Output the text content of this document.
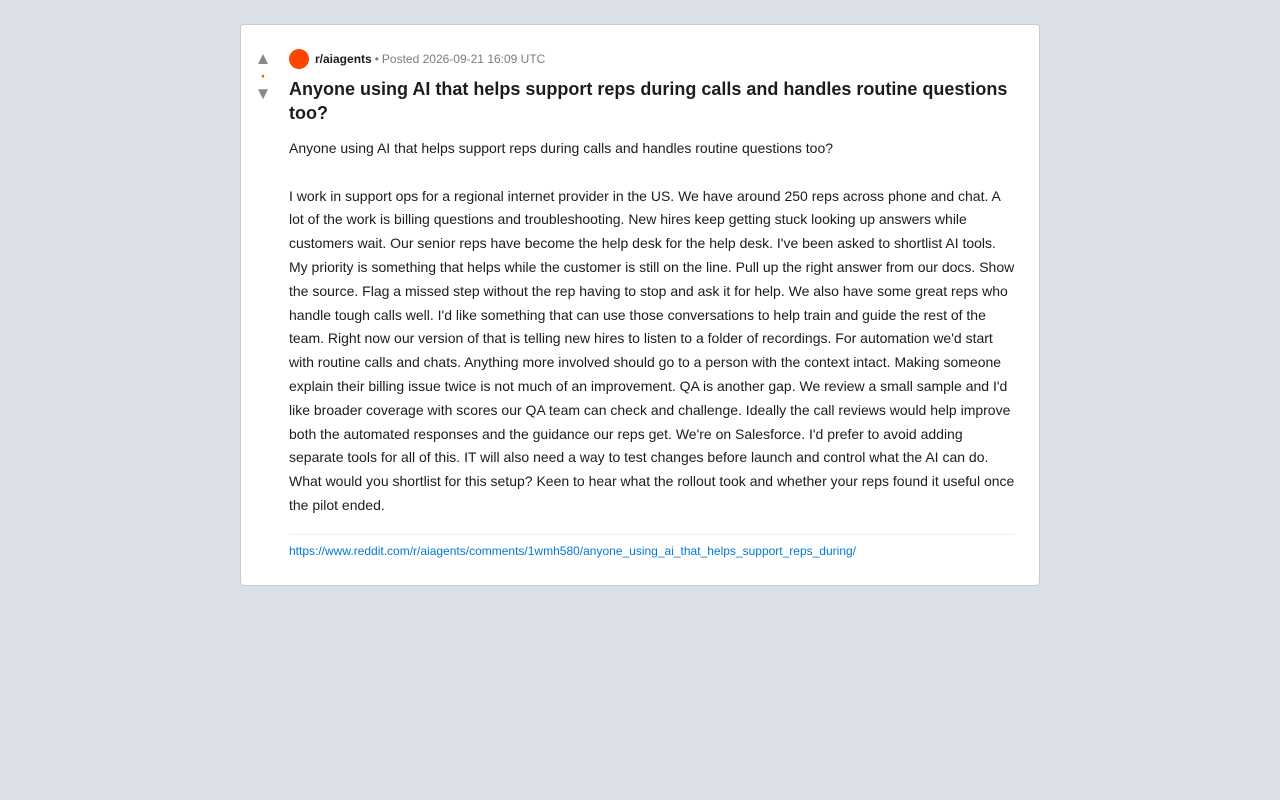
▲
•
▼
r/aiagents • Posted 2026-09-21 16:09 UTC
Anyone using AI that helps support reps during calls and handles routine questions too?

Anyone using AI that helps support reps during calls and handles routine questions too?

I work in support ops for a regional internet provider in the US. We have around 250 reps across phone and chat. A lot of the work is billing questions and troubleshooting. New hires keep getting stuck looking up answers while customers wait. Our senior reps have become the help desk for the help desk. I've been asked to shortlist AI tools. My priority is something that helps while the customer is still on the line. Pull up the right answer from our docs. Show the source. Flag a missed step without the rep having to stop and ask it for help. We also have some great reps who handle tough calls well. I'd like something that can use those conversations to help train and guide the rest of the team. Right now our version of that is telling new hires to listen to a folder of recordings. For automation we'd start with routine calls and chats. Anything more involved should go to a person with the context intact. Making someone explain their billing issue twice is not much of an improvement. QA is another gap. We review a small sample and I'd like broader coverage with scores our QA team can check and challenge. Ideally the call reviews would help improve both the automated responses and the guidance our reps get. We're on Salesforce. I'd prefer to avoid adding separate tools for all of this. IT will also need a way to test changes before launch and control what the AI can do. What would you shortlist for this setup? Keen to hear what the rollout took and whether your reps found it useful once the pilot ended.

https://www.reddit.com/r/aiagents/comments/1wmh580/anyone_using_ai_that_helps_support_reps_during/
